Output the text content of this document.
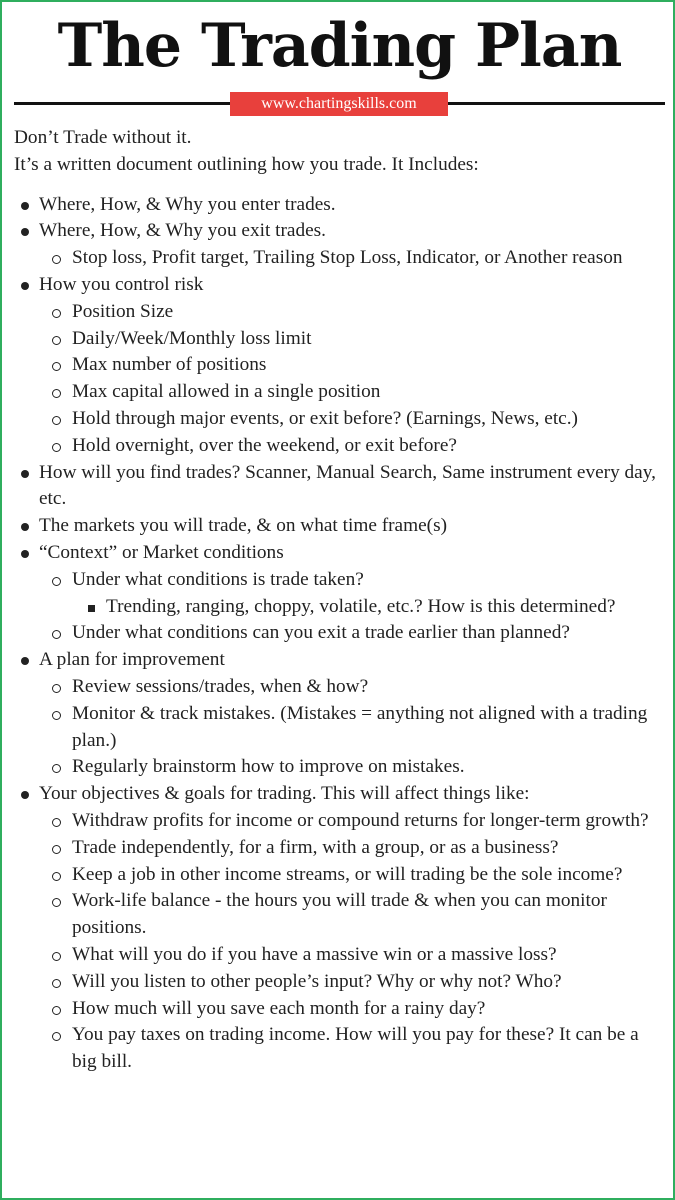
The Trading Plan
www.chartingskills.com

Don’t Trade without it.

It’s a written document outlining how you trade. It Includes:

Where, How, & Why you enter trades.
Where, How, & Why you exit trades.
Stop loss, Profit target, Trailing Stop Loss, Indicator, or Another reason
How you control risk
Position Size
Daily/Week/Monthly loss limit
Max number of positions
Max capital allowed in a single position
Hold through major events, or exit before? (Earnings, News, etc.)
Hold overnight, over the weekend, or exit before?
How will you find trades? Scanner, Manual Search, Same instrument every day, etc.
The markets you will trade, & on what time frame(s)
“Context” or Market conditions
Under what conditions is trade taken?
Trending, ranging, choppy, volatile, etc.? How is this determined?
Under what conditions can you exit a trade earlier than planned?
A plan for improvement
Review sessions/trades, when & how?
Monitor & track mistakes. (Mistakes = anything not aligned with a trading plan.)
Regularly brainstorm how to improve on mistakes.
Your objectives & goals for trading. This will affect things like:
Withdraw profits for income or compound returns for longer-term growth?
Trade independently, for a firm, with a group, or as a business?
Keep a job in other income streams, or will trading be the sole income?
Work-life balance - the hours you will trade & when you can monitor positions.
What will you do if you have a massive win or a massive loss?
Will you listen to other people’s input? Why or why not? Who?
How much will you save each month for a rainy day?
You pay taxes on trading income. How will you pay for these? It can be a big bill.
